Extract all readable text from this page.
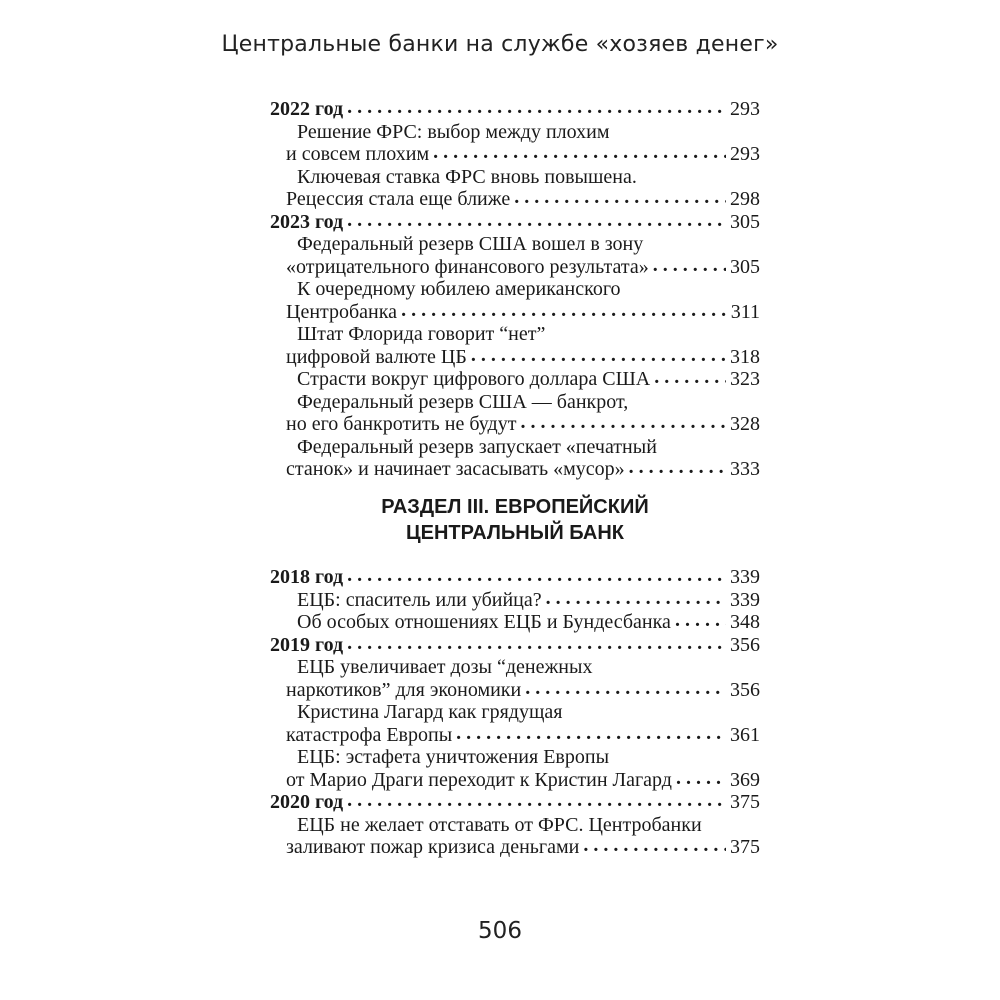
Центральные банки на службе «хозяев денег»
2022 год . . .	293
Решение ФРС: выбор между плохим
и совсем плохим . . .	293
Ключевая ставка ФРС вновь повышена.
Рецессия стала еще ближе . . .	298
2023 год . . .	305
Федеральный резерв США вошел в зону
«отрицательного финансового результата» . . .	305
К очередному юбилею американского
Центробанка . . .	311
Штат Флорида говорит “нет”
цифровой валюте ЦБ . . .	318
Страсти вокруг цифрового доллара США . . .	323
Федеральный резерв США — банкрот,
но его банкротить не будут . . .	328
Федеральный резерв запускает «печатный
станок» и начинает засасывать «мусор» . . .	333
РАЗДЕЛ III. ЕВРОПЕЙСКИЙ
ЦЕНТРАЛЬНЫЙ БАНК
2018 год . . .	339
ЕЦБ: спаситель или убийца? . . .	339
Об особых отношениях ЕЦБ и Бундесбанка . . .	348
2019 год . . .	356
ЕЦБ увеличивает дозы “денежных
наркотиков” для экономики . . .	356
Кристина Лагард как грядущая
катастрофа Европы . . .	361
ЕЦБ: эстафета уничтожения Европы
от Марио Драги переходит к Кристин Лагард . . .	369
2020 год . . .	375
ЕЦБ не желает отставать от ФРС. Центробанки
заливают пожар кризиса деньгами . . .	375
506
